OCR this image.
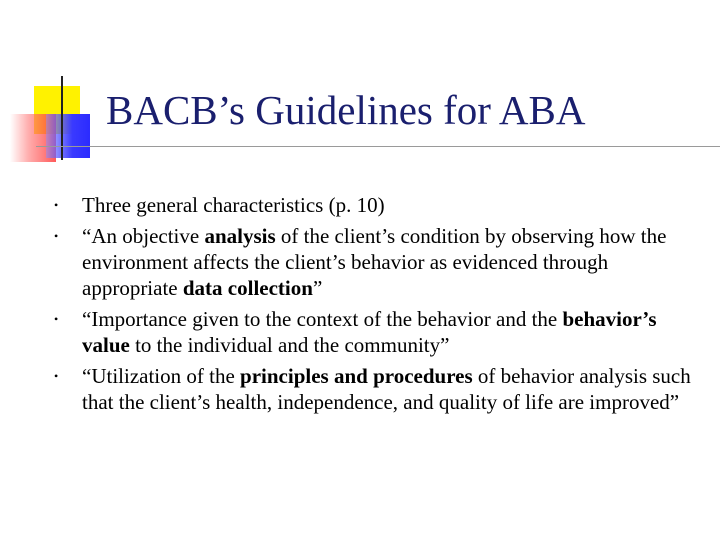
BACB’s Guidelines for ABA
• Three general characteristics (p. 10)
• “An objective analysis of the client’s condition by observing how the environment affects the client’s behavior as evidenced through appropriate data collection”
• “Importance given to the context of the behavior and the behavior’s value to the individual and the community”
• “Utilization of the principles and procedures of behavior analysis such that the client’s health, independence, and quality of life are improved”
